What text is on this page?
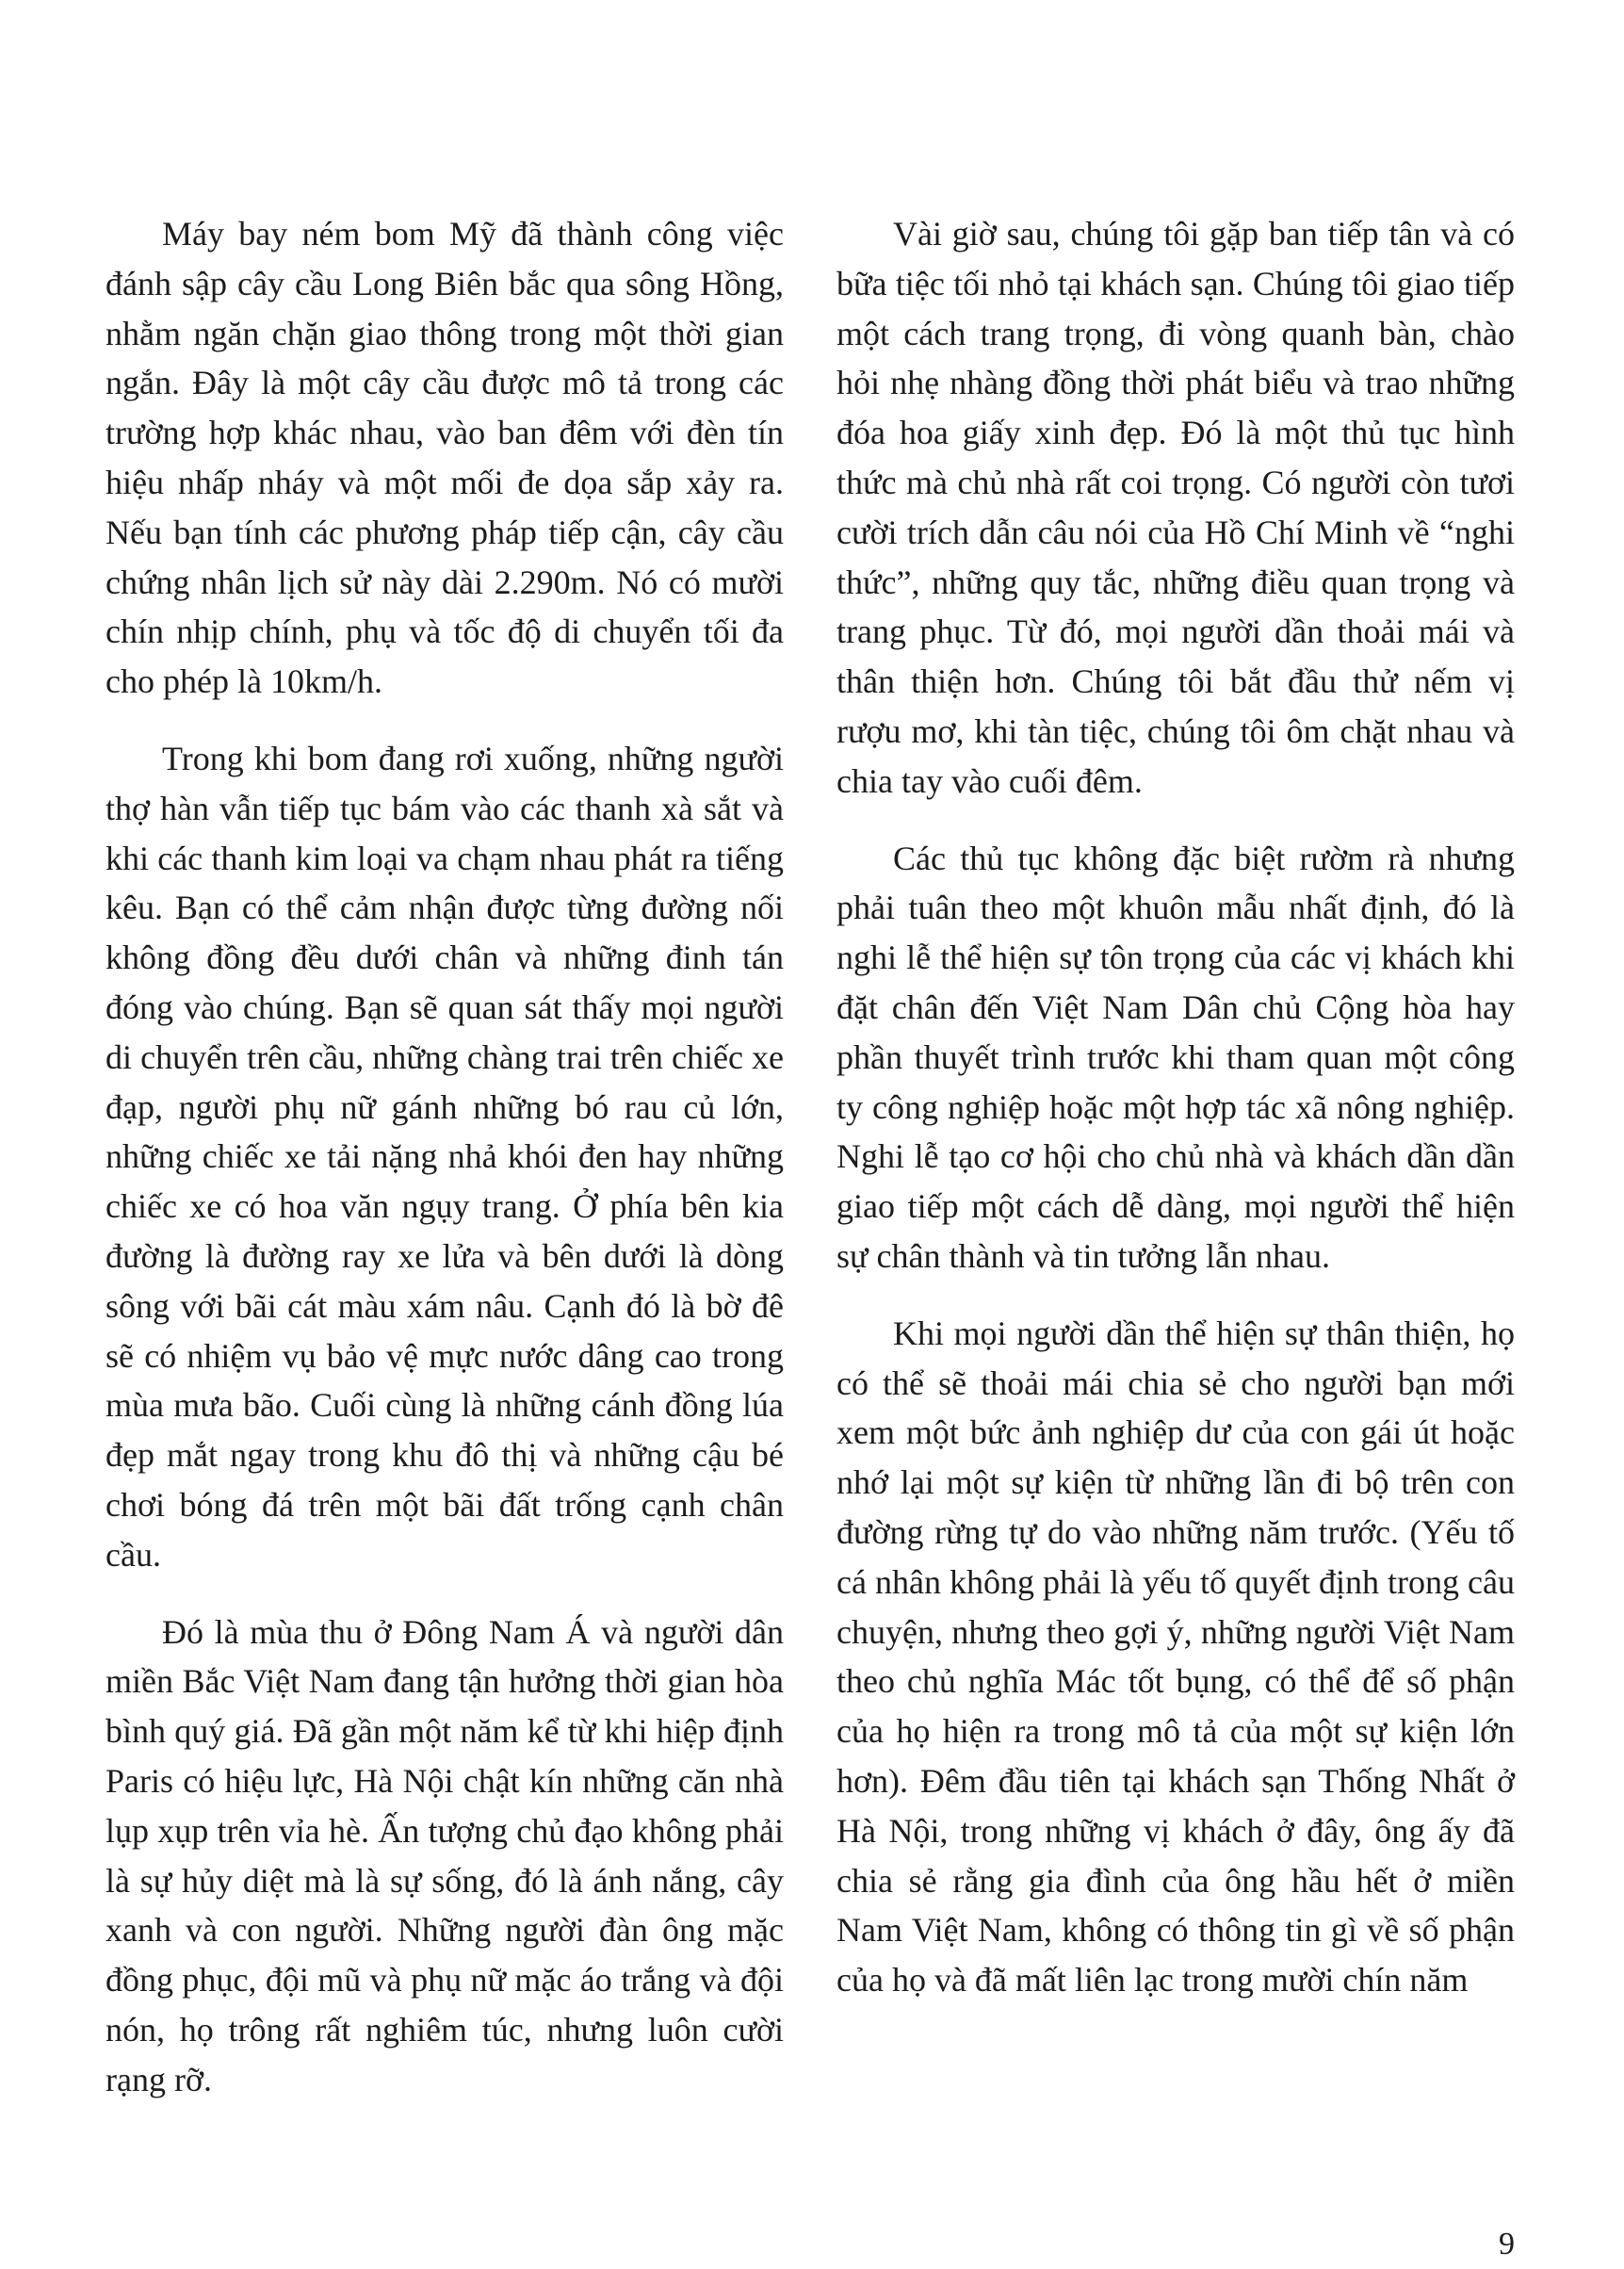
Máy bay ném bom Mỹ đã thành công việc đánh sập cây cầu Long Biên bắc qua sông Hồng, nhằm ngăn chặn giao thông trong một thời gian ngắn. Đây là một cây cầu được mô tả trong các trường hợp khác nhau, vào ban đêm với đèn tín hiệu nhấp nháy và một mối đe dọa sắp xảy ra. Nếu bạn tính các phương pháp tiếp cận, cây cầu chứng nhân lịch sử này dài 2.290m. Nó có mười chín nhịp chính, phụ và tốc độ di chuyển tối đa cho phép là 10km/h.

Trong khi bom đang rơi xuống, những người thợ hàn vẫn tiếp tục bám vào các thanh xà sắt và khi các thanh kim loại va chạm nhau phát ra tiếng kêu. Bạn có thể cảm nhận được từng đường nối không đồng đều dưới chân và những đinh tán đóng vào chúng. Bạn sẽ quan sát thấy mọi người di chuyển trên cầu, những chàng trai trên chiếc xe đạp, người phụ nữ gánh những bó rau củ lớn, những chiếc xe tải nặng nhả khói đen hay những chiếc xe có hoa văn ngụy trang. Ở phía bên kia đường là đường ray xe lửa và bên dưới là dòng sông với bãi cát màu xám nâu. Cạnh đó là bờ đê sẽ có nhiệm vụ bảo vệ mực nước dâng cao trong mùa mưa bão. Cuối cùng là những cánh đồng lúa đẹp mắt ngay trong khu đô thị và những cậu bé chơi bóng đá trên một bãi đất trống cạnh chân cầu.

Đó là mùa thu ở Đông Nam Á và người dân miền Bắc Việt Nam đang tận hưởng thời gian hòa bình quý giá. Đã gần một năm kể từ khi hiệp định Paris có hiệu lực, Hà Nội chật kín những căn nhà lụp xụp trên vỉa hè. Ấn tượng chủ đạo không phải là sự hủy diệt mà là sự sống, đó là ánh nắng, cây xanh và con người. Những người đàn ông mặc đồng phục, đội mũ và phụ nữ mặc áo trắng và đội nón, họ trông rất nghiêm túc, nhưng luôn cười rạng rỡ.

Vài giờ sau, chúng tôi gặp ban tiếp tân và có bữa tiệc tối nhỏ tại khách sạn. Chúng tôi giao tiếp một cách trang trọng, đi vòng quanh bàn, chào hỏi nhẹ nhàng đồng thời phát biểu và trao những đóa hoa giấy xinh đẹp. Đó là một thủ tục hình thức mà chủ nhà rất coi trọng. Có người còn tươi cười trích dẫn câu nói của Hồ Chí Minh về “nghi thức”, những quy tắc, những điều quan trọng và trang phục. Từ đó, mọi người dần thoải mái và thân thiện hơn. Chúng tôi bắt đầu thử nếm vị rượu mơ, khi tàn tiệc, chúng tôi ôm chặt nhau và chia tay vào cuối đêm.

Các thủ tục không đặc biệt rườm rà nhưng phải tuân theo một khuôn mẫu nhất định, đó là nghi lễ thể hiện sự tôn trọng của các vị khách khi đặt chân đến Việt Nam Dân chủ Cộng hòa hay phần thuyết trình trước khi tham quan một công ty công nghiệp hoặc một hợp tác xã nông nghiệp. Nghi lễ tạo cơ hội cho chủ nhà và khách dần dần giao tiếp một cách dễ dàng, mọi người thể hiện sự chân thành và tin tưởng lẫn nhau.

Khi mọi người dần thể hiện sự thân thiện, họ có thể sẽ thoải mái chia sẻ cho người bạn mới xem một bức ảnh nghiệp dư của con gái út hoặc nhớ lại một sự kiện từ những lần đi bộ trên con đường rừng tự do vào những năm trước. (Yếu tố cá nhân không phải là yếu tố quyết định trong câu chuyện, nhưng theo gợi ý, những người Việt Nam theo chủ nghĩa Mác tốt bụng, có thể để số phận của họ hiện ra trong mô tả của một sự kiện lớn hơn). Đêm đầu tiên tại khách sạn Thống Nhất ở Hà Nội, trong những vị khách ở đây, ông ấy đã chia sẻ rằng gia đình của ông hầu hết ở miền Nam Việt Nam, không có thông tin gì về số phận của họ và đã mất liên lạc trong mười chín năm

9
